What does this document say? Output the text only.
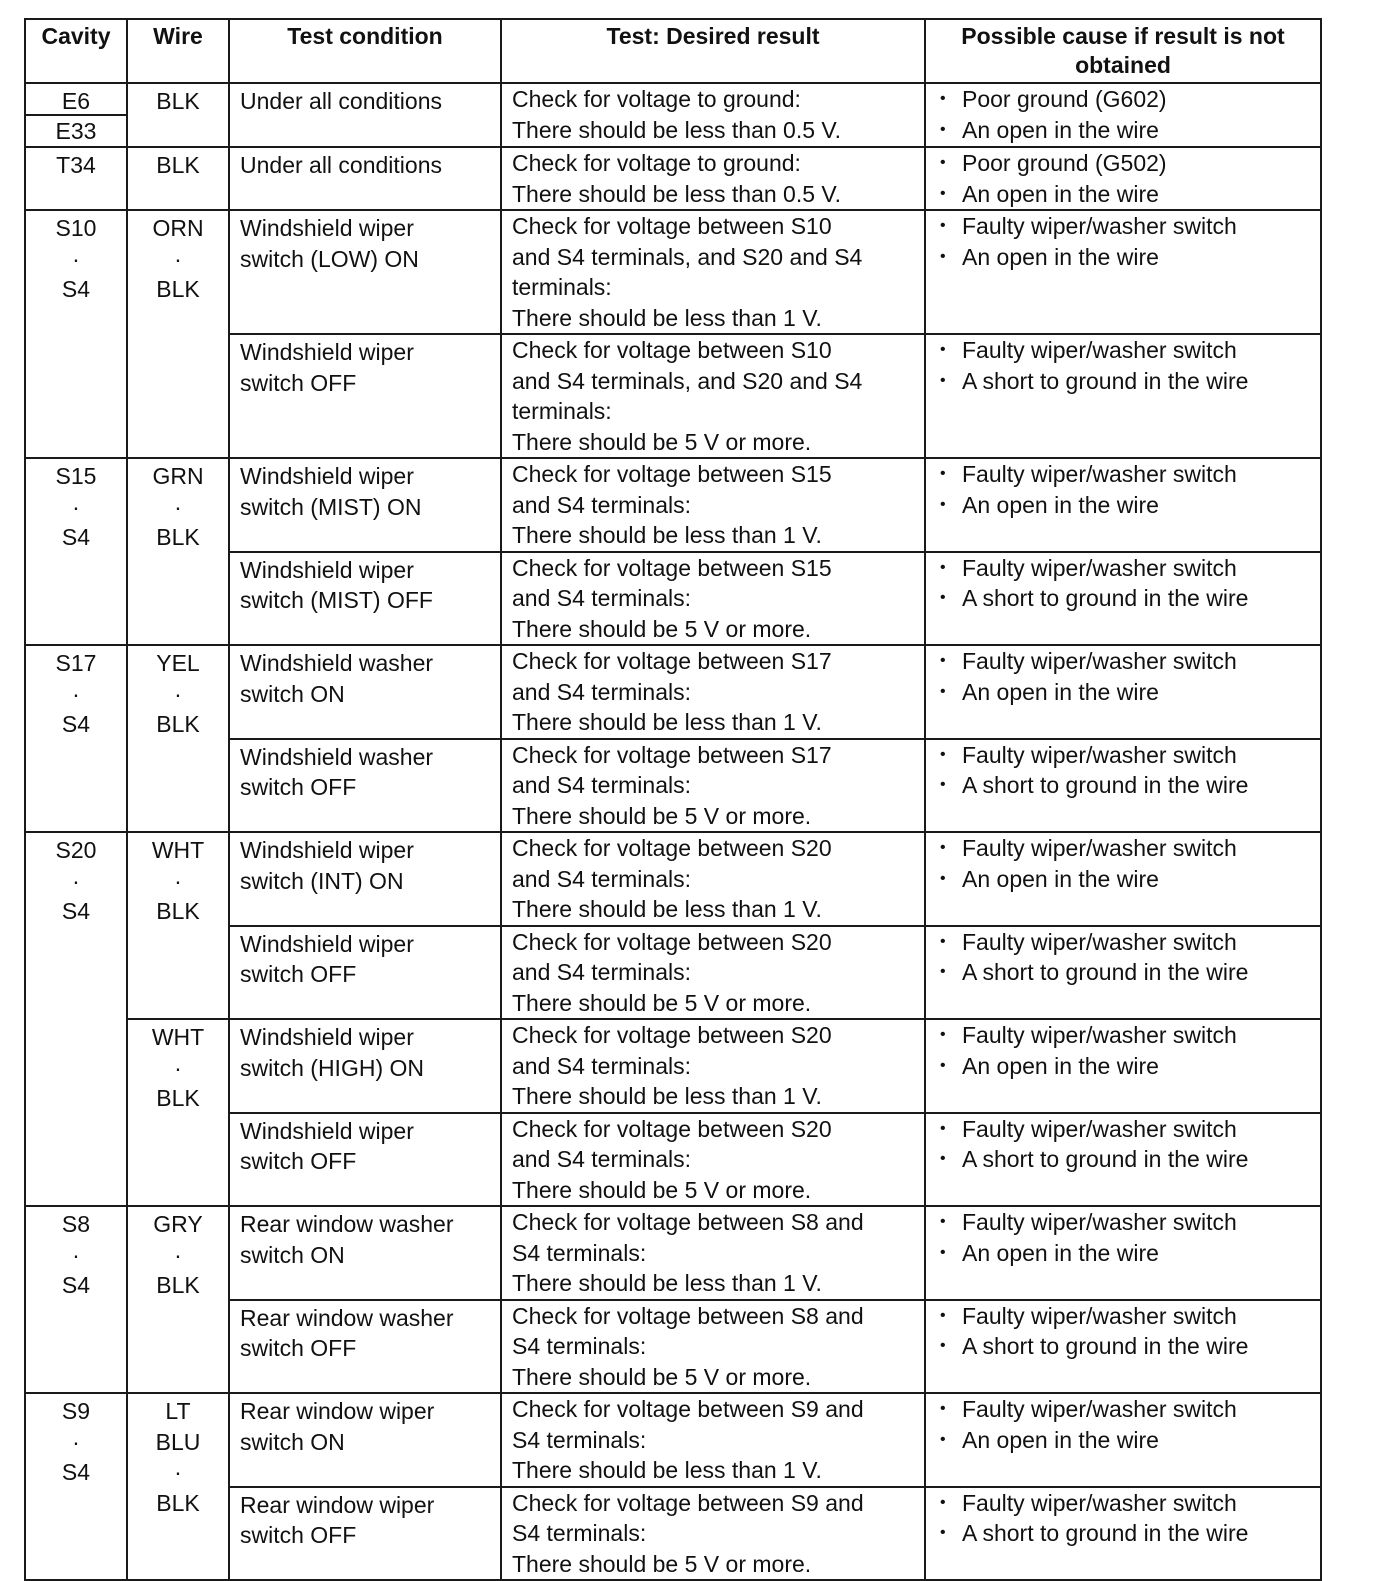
Cavity	Wire	Test condition	Test: Desired result	Possible cause if result is not obtained

E6
E33	BLK	Under all conditions	Check for voltage to ground:
There should be less than 0.5 V.	• Poor ground (G602)
• An open in the wire

T34	BLK	Under all conditions	Check for voltage to ground:
There should be less than 0.5 V.	• Poor ground (G502)
• An open in the wire

S10
·
S4	ORN
·
BLK	Windshield wiper
switch (LOW) ON	Check for voltage between S10
and S4 terminals, and S20 and S4
terminals:
There should be less than 1 V.	• Faulty wiper/washer switch
• An open in the wire

		Windshield wiper
switch OFF	Check for voltage between S10
and S4 terminals, and S20 and S4
terminals:
There should be 5 V or more.	• Faulty wiper/washer switch
• A short to ground in the wire

S15
·
S4	GRN
·
BLK	Windshield wiper
switch (MIST) ON	Check for voltage between S15
and S4 terminals:
There should be less than 1 V.	• Faulty wiper/washer switch
• An open in the wire

		Windshield wiper
switch (MIST) OFF	Check for voltage between S15
and S4 terminals:
There should be 5 V or more.	• Faulty wiper/washer switch
• A short to ground in the wire

S17
·
S4	YEL
·
BLK	Windshield washer
switch ON	Check for voltage between S17
and S4 terminals:
There should be less than 1 V.	• Faulty wiper/washer switch
• An open in the wire

		Windshield washer
switch OFF	Check for voltage between S17
and S4 terminals:
There should be 5 V or more.	• Faulty wiper/washer switch
• A short to ground in the wire

S20
·
S4	WHT
·
BLK	Windshield wiper
switch (INT) ON	Check for voltage between S20
and S4 terminals:
There should be less than 1 V.	• Faulty wiper/washer switch
• An open in the wire

		Windshield wiper
switch OFF	Check for voltage between S20
and S4 terminals:
There should be 5 V or more.	• Faulty wiper/washer switch
• A short to ground in the wire

	WHT
·
BLK	Windshield wiper
switch (HIGH) ON	Check for voltage between S20
and S4 terminals:
There should be less than 1 V.	• Faulty wiper/washer switch
• An open in the wire

		Windshield wiper
switch OFF	Check for voltage between S20
and S4 terminals:
There should be 5 V or more.	• Faulty wiper/washer switch
• A short to ground in the wire

S8
·
S4	GRY
·
BLK	Rear window washer
switch ON	Check for voltage between S8 and
S4 terminals:
There should be less than 1 V.	• Faulty wiper/washer switch
• An open in the wire

		Rear window washer
switch OFF	Check for voltage between S8 and
S4 terminals:
There should be 5 V or more.	• Faulty wiper/washer switch
• A short to ground in the wire

S9
·
S4	LT
BLU
·
BLK	Rear window wiper
switch ON	Check for voltage between S9 and
S4 terminals:
There should be less than 1 V.	• Faulty wiper/washer switch
• An open in the wire

		Rear window wiper
switch OFF	Check for voltage between S9 and
S4 terminals:
There should be 5 V or more.	• Faulty wiper/washer switch
• A short to ground in the wire
